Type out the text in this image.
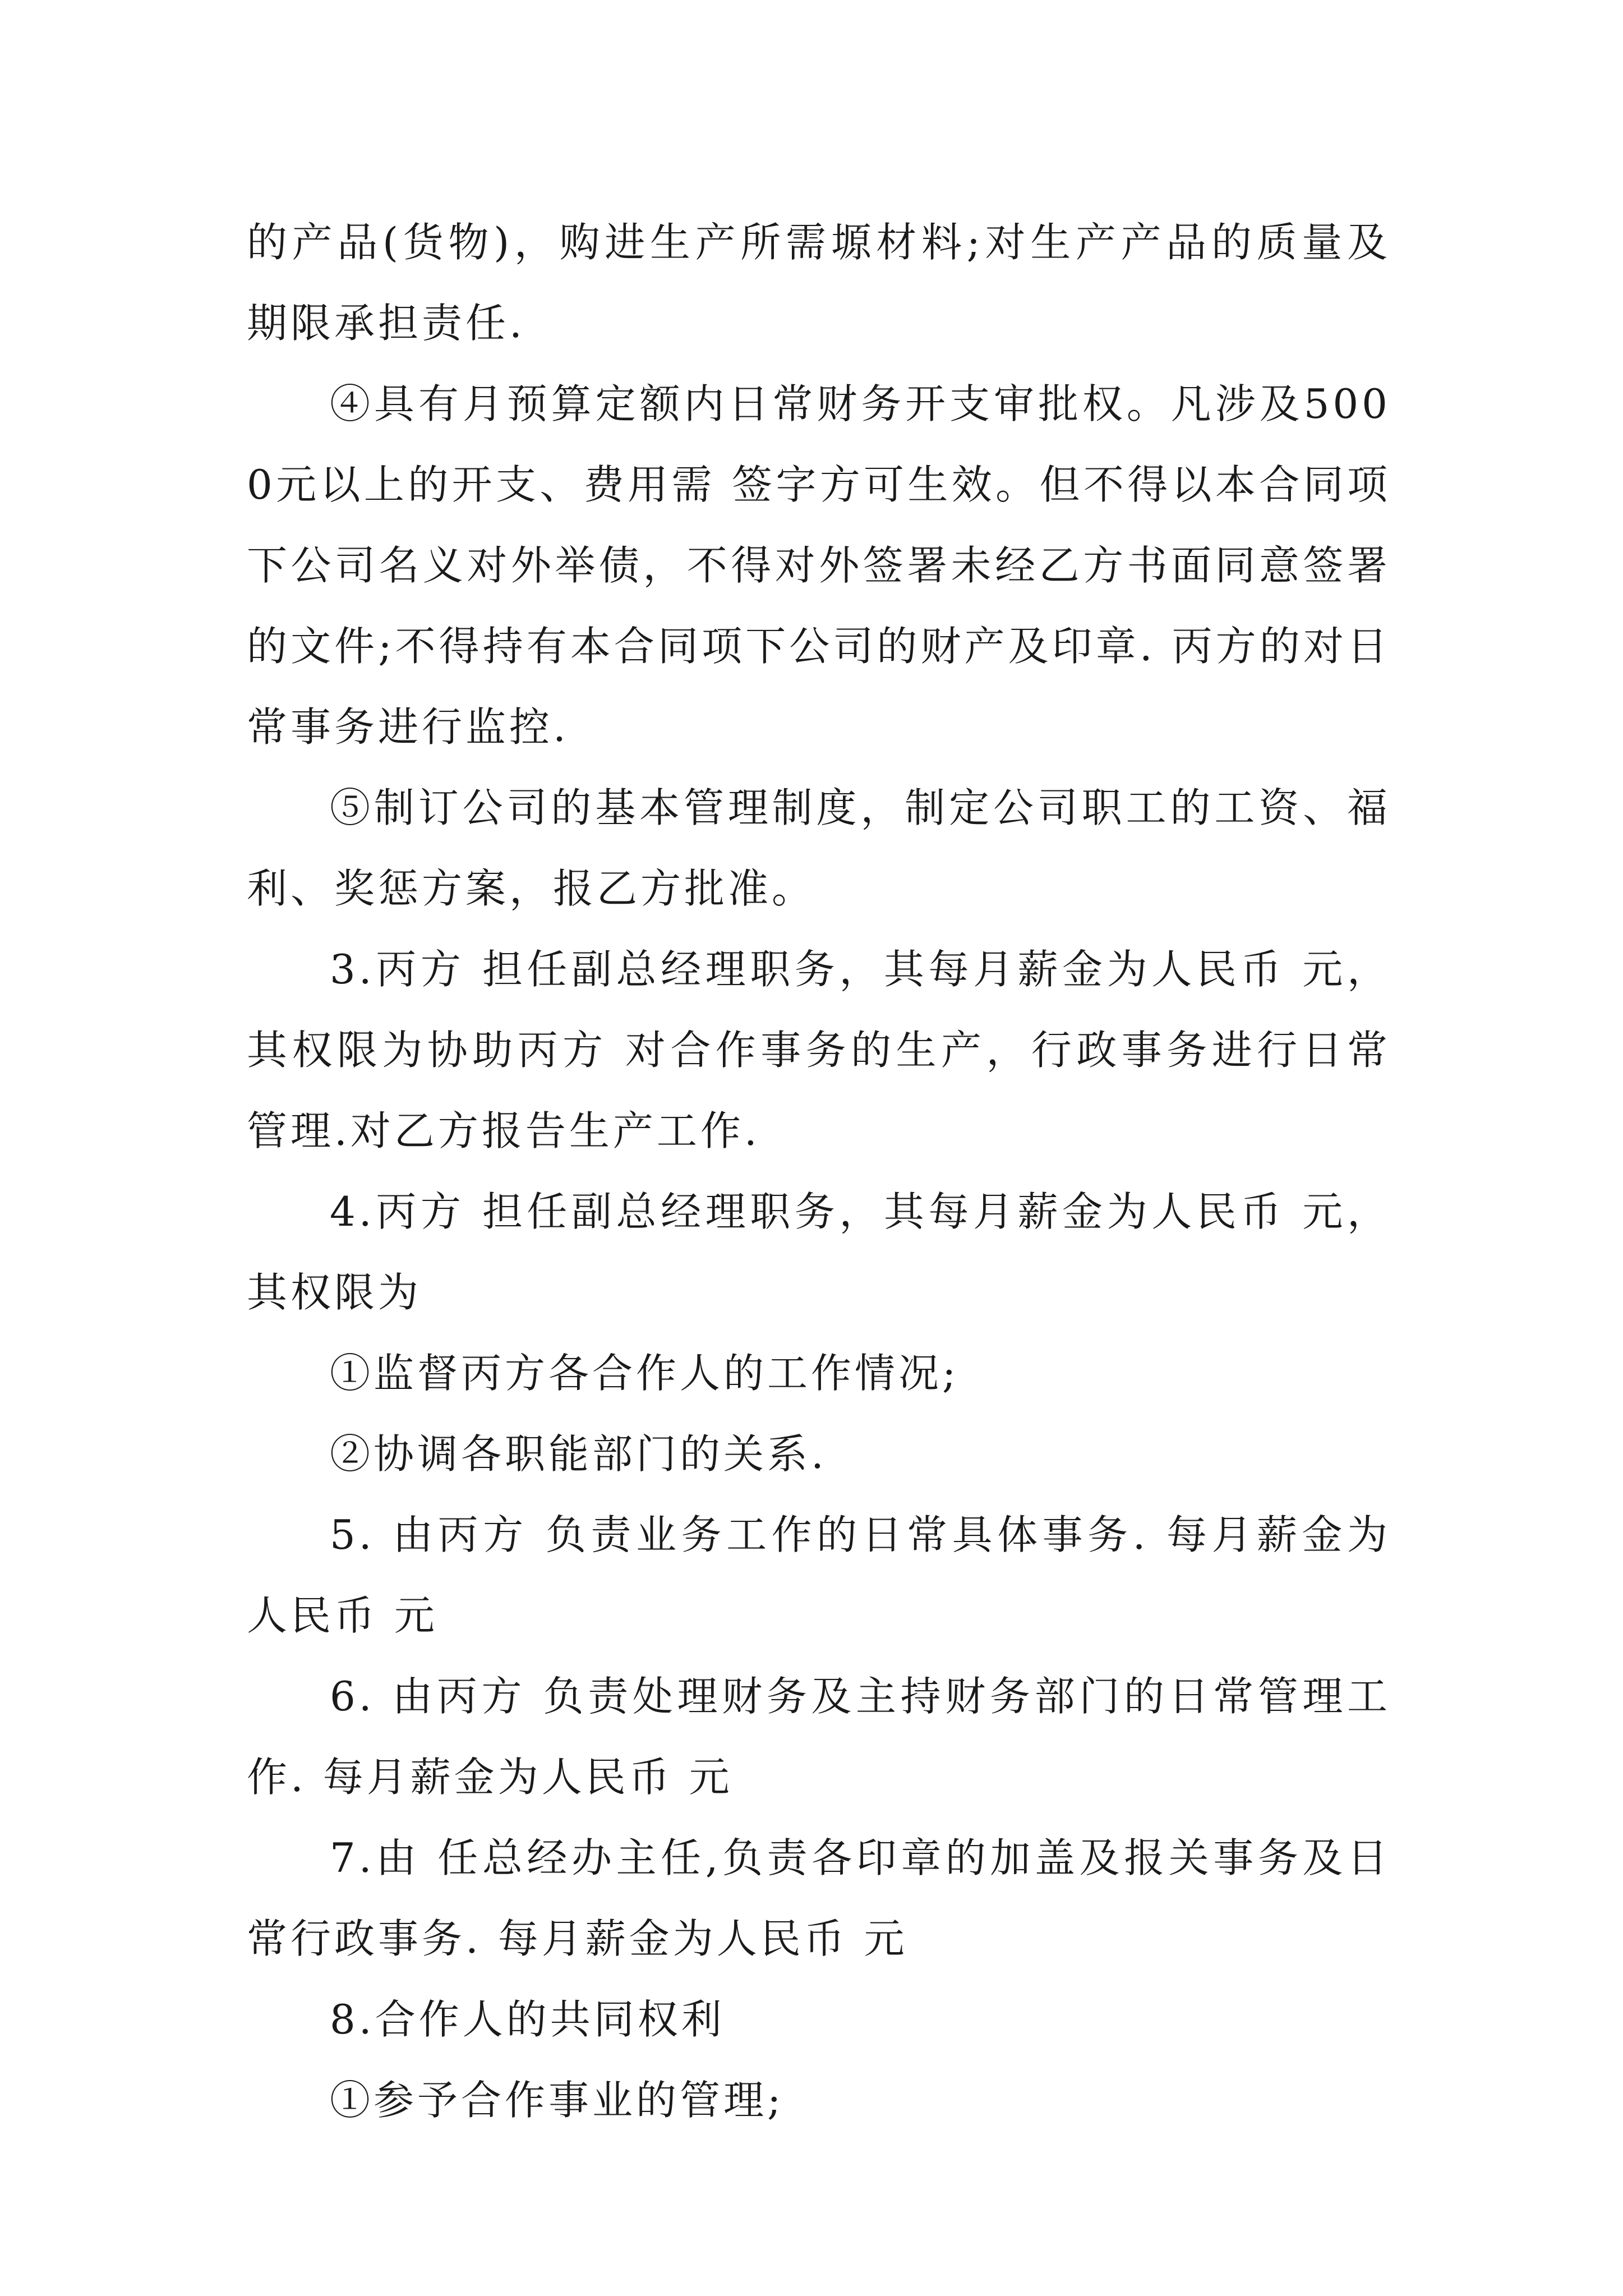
的产品(货物)，购进生产所需塬材料;对生产产品的质量及期限承担责任.

④具有月预算定额内日常财务开支审批权。凡涉及5000元以上的开支、费用需 签字方可生效。但不得以本合同项下公司名义对外举债，不得对外签署未经乙方书面同意签署的文件;不得持有本合同项下公司的财产及印章. 丙方的对日常事务进行监控.

⑤制订公司的基本管理制度，制定公司职工的工资、福利、奖惩方案，报乙方批准。

3.丙方 担任副总经理职务，其每月薪金为人民币 元，其权限为协助丙方 对合作事务的生产，行政事务进行日常管理.对乙方报告生产工作.

4.丙方 担任副总经理职务，其每月薪金为人民币 元，其权限为

①监督丙方各合作人的工作情况;

②协调各职能部门的关系.

5. 由丙方 负责业务工作的日常具体事务. 每月薪金为人民币 元

6. 由丙方 负责处理财务及主持财务部门的日常管理工作. 每月薪金为人民币 元

7.由 任总经办主任,负责各印章的加盖及报关事务及日常行政事务. 每月薪金为人民币 元

8.合作人的共同权利

①参予合作事业的管理;
